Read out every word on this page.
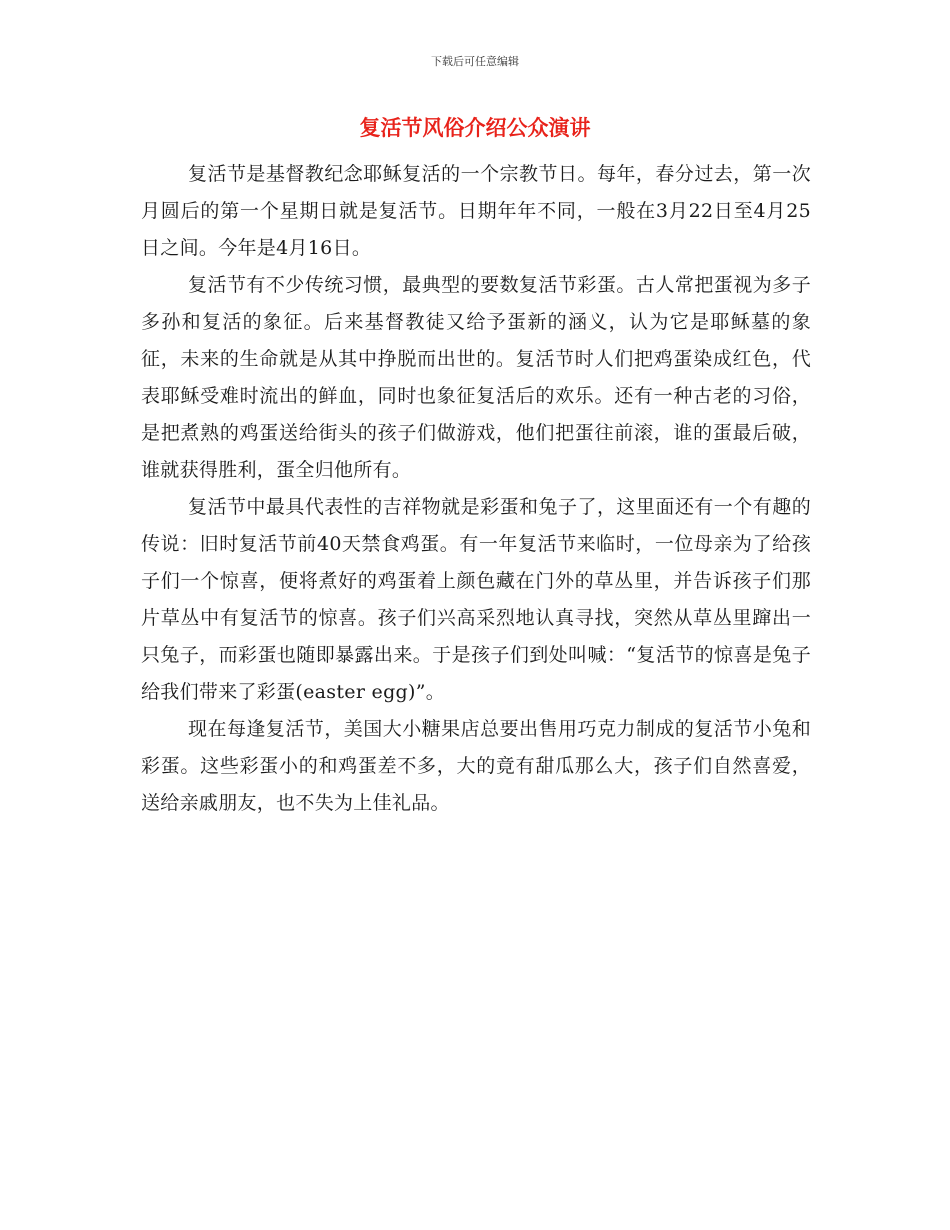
下载后可任意编辑
复活节风俗介绍公众演讲

复活节是基督教纪念耶稣复活的一个宗教节日。每年，春分过去，第一次月圆后的第一个星期日就是复活节。日期年年不同，一般在3月22日至4月25日之间。今年是4月16日。

复活节有不少传统习惯，最典型的要数复活节彩蛋。古人常把蛋视为多子多孙和复活的象征。后来基督教徒又给予蛋新的涵义，认为它是耶稣墓的象征，未来的生命就是从其中挣脱而出世的。复活节时人们把鸡蛋染成红色，代表耶稣受难时流出的鲜血，同时也象征复活后的欢乐。还有一种古老的习俗，是把煮熟的鸡蛋送给街头的孩子们做游戏，他们把蛋往前滚，谁的蛋最后破，谁就获得胜利，蛋全归他所有。

复活节中最具代表性的吉祥物就是彩蛋和兔子了，这里面还有一个有趣的传说：旧时复活节前40天禁食鸡蛋。有一年复活节来临时，一位母亲为了给孩子们一个惊喜，便将煮好的鸡蛋着上颜色藏在门外的草丛里，并告诉孩子们那片草丛中有复活节的惊喜。孩子们兴高采烈地认真寻找，突然从草丛里蹿出一只兔子，而彩蛋也随即暴露出来。于是孩子们到处叫喊：“复活节的惊喜是兔子给我们带来了彩蛋(easter egg)”。

现在每逢复活节，美国大小糖果店总要出售用巧克力制成的复活节小兔和彩蛋。这些彩蛋小的和鸡蛋差不多，大的竟有甜瓜那么大，孩子们自然喜爱，送给亲戚朋友，也不失为上佳礼品。
